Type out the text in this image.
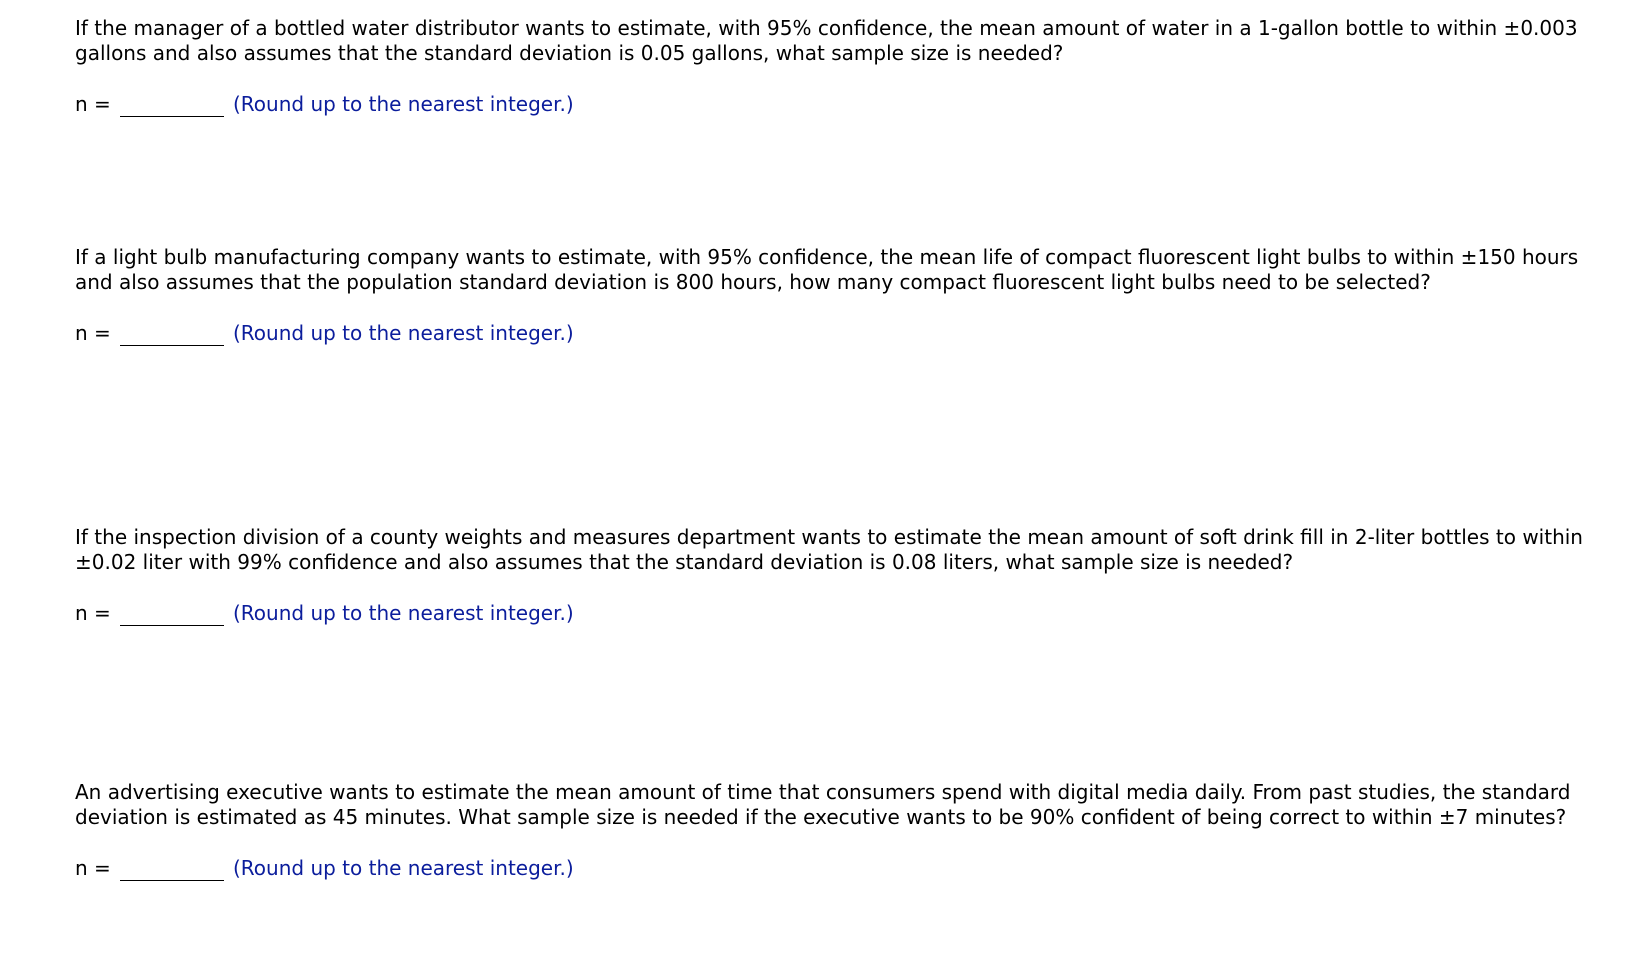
If the manager of a bottled water distributor wants to estimate, with 95% confidence, the mean amount of water in a 1-gallon bottle to within ±0.003 gallons and also assumes that the standard deviation is 0.05 gallons, what sample size is needed?

n =	(Round up to the nearest integer.)

If a light bulb manufacturing company wants to estimate, with 95% confidence, the mean life of compact fluorescent light bulbs to within ±150 hours and also assumes that the population standard deviation is 800 hours, how many compact fluorescent light bulbs need to be selected?

n =	(Round up to the nearest integer.)

If the inspection division of a county weights and measures department wants to estimate the mean amount of soft drink fill in 2-liter bottles to within ±0.02 liter with 99% confidence and also assumes that the standard deviation is 0.08 liters, what sample size is needed?

n =	(Round up to the nearest integer.)

An advertising executive wants to estimate the mean amount of time that consumers spend with digital media daily. From past studies, the standard deviation is estimated as 45 minutes. What sample size is needed if the executive wants to be 90% confident of being correct to within ±7 minutes?

n =	(Round up to the nearest integer.)
